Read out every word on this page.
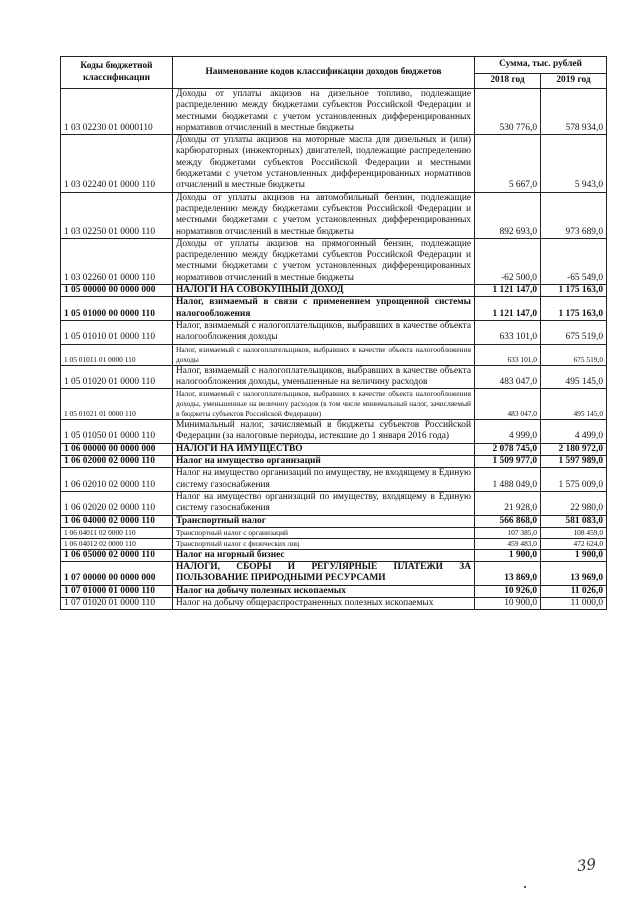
Коды бюджетной классификации	Наименование кодов классификации доходов бюджетов	Сумма, тыс. рублей	
		2018 год	2019 год
1 03 02230 01 0000110	Доходы от уплаты акцизов на дизельное топливо, подлежащие распределению между бюджетами субъектов Российской Федерации и местными бюджетами с учетом установленных дифференцированных нормативов отчислений в местные бюджеты	530 776,0	578 934,0
1 03 02240 01 0000 110	Доходы от уплаты акцизов на моторные масла для дизельных и (или) карбюраторных (инжекторных) двигателей, подлежащие распределению между бюджетами субъектов Российской Федерации и местными бюджетами с учетом установленных дифференцированных нормативов отчислений в местные бюджеты	5 667,0	5 943,0
1 03 02250 01 0000 110	Доходы от уплаты акцизов на автомобильный бензин, подлежащие распределению между бюджетами субъектов Российской Федерации и местными бюджетами с учетом установленных дифференцированных нормативов отчислений в местные бюджеты	892 693,0	973 689,0
1 03 02260 01 0000 110	Доходы от уплаты акцизов на прямогонный бензин, подлежащие распределению между бюджетами субъектов Российской Федерации и местными бюджетами с учетом установленных дифференцированных нормативов отчислений в местные бюджеты	-62 500,0	-65 549,0
1 05 00000 00 0000 000	НАЛОГИ НА СОВОКУПНЫЙ ДОХОД	1 121 147,0	1 175 163,0
1 05 01000 00 0000 110	Налог, взимаемый в связи с применением упрощенной системы налогообложения	1 121 147,0	1 175 163,0
1 05 01010 01 0000 110	Налог, взимаемый с налогоплательщиков, выбравших в качестве объекта налогообложения доходы	633 101,0	675 519,0
1 05 01011 01 0000 110	Налог, взимаемый с налогоплательщиков, выбравших в качестве объекта налогообложения доходы	633 101,0	675 519,0
1 05 01020 01 0000 110	Налог, взимаемый с налогоплательщиков, выбравших в качестве объекта налогообложения доходы, уменьшенные на величину расходов	483 047,0	495 145,0
1 05 01021 01 0000 110	Налог, взимаемый с налогоплательщиков, выбравших в качестве объекта налогообложения доходы, уменьшенные на величину расходов (в том числе минимальный налог, зачисляемый в бюджеты субъектов Российской Федерации)	483 047,0	495 145,0
1 05 01050 01 0000 110	Минимальный налог, зачисляемый в бюджеты субъектов Российской Федерации (за налоговые периоды, истекшие до 1 января 2016 года)	4 999,0	4 499,0
1 06 00000 00 0000 000	НАЛОГИ НА ИМУЩЕСТВО	2 078 745,0	2 180 972,0
1 06 02000 02 0000 110	Налог на имущество организаций	1 509 977,0	1 597 989,0
1 06 02010 02 0000 110	Налог на имущество организаций по имуществу, не входящему в Единую систему газоснабжения	1 488 049,0	1 575 009,0
1 06 02020 02 0000 110	Налог на имущество организаций по имуществу, входящему в Единую систему газоснабжения	21 928,0	22 980,0
1 06 04000 02 0000 110	Транспортный налог	566 868,0	581 083,0
1 06 04011 02 0000 110	Транспортный налог с организаций	107 385,0	108 459,0
1 06 04012 02 0000 110	Транспортный налог с физических лиц	459 483,0	472 624,0
1 06 05000 02 0000 110	Налог на игорный бизнес	1 900,0	1 900,0
1 07 00000 00 0000 000	НАЛОГИ, СБОРЫ И РЕГУЛЯРНЫЕ ПЛАТЕЖИ ЗА ПОЛЬЗОВАНИЕ ПРИРОДНЫМИ РЕСУРСАМИ	13 869,0	13 969,0
1 07 01000 01 0000 110	Налог на добычу полезных ископаемых	10 926,0	11 026,0
1 07 01020 01 0000 110	Налог на добычу общераспространенных полезных ископаемых	10 900,0	11 000,0
39
